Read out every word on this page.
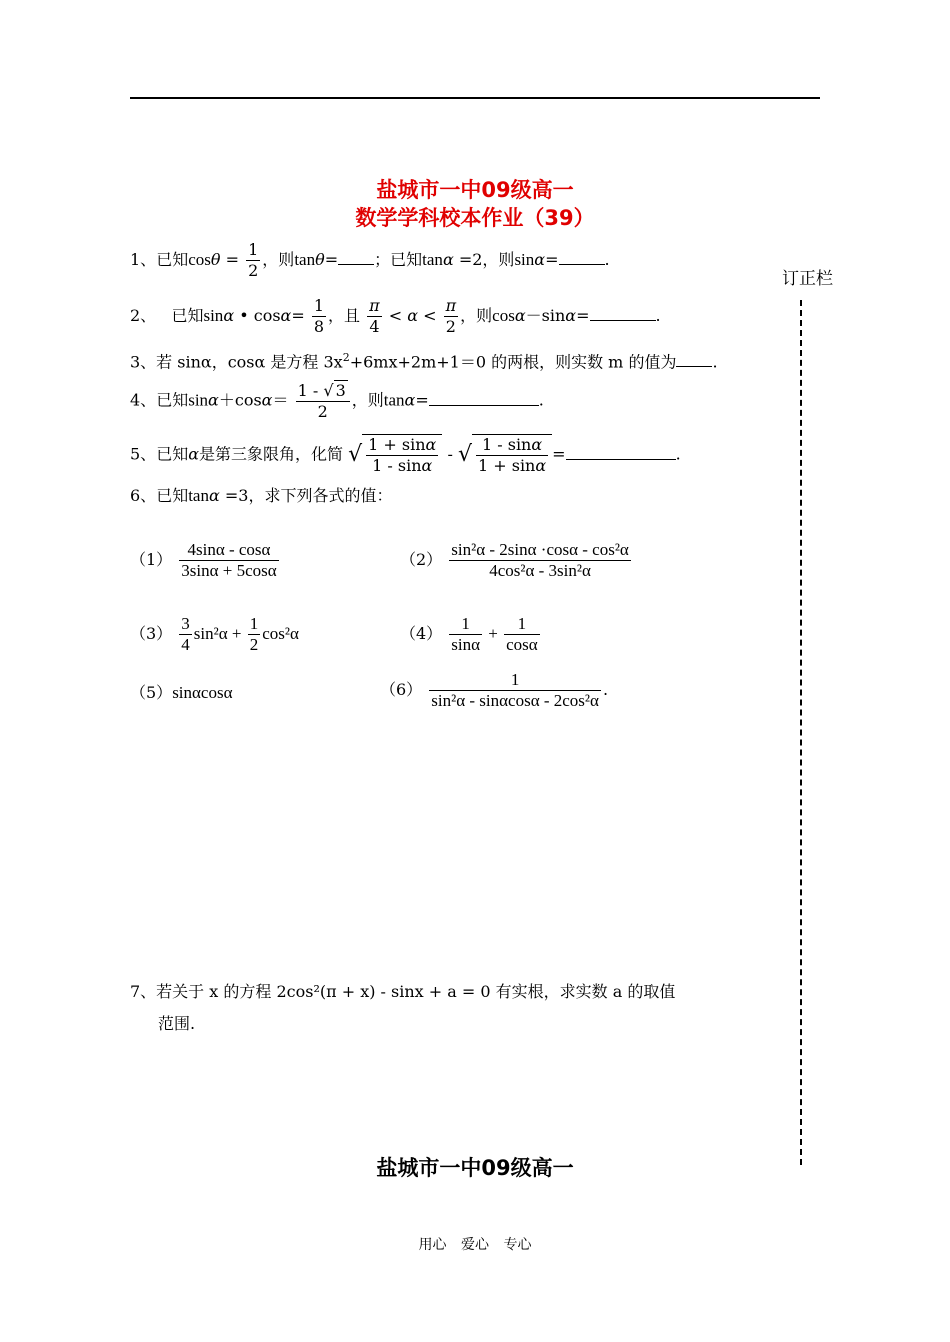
盐城市一中09级高一
数学学科校本作业（39）
订正栏
1、已知$\cos\theta = \frac{1}{2}$ ，则tanθ= ；已知tanα =2，则sinα=	.
2、 已知sinα • $\cos\alpha= \frac{1}{8}$ ，且 $\frac{\pi}{4} < \alpha < \frac{\pi}{2}$ ，则cosα－sinα=	.
3、若 sinα，cosα 是方程 $3x^2+6mx+2m+1=0$ 的两根，则实数 m 的值为 .
4、已知$\sin\alpha+\cos\alpha= \frac{1 - √ 3}{2}$ ，则tanα=	.
5、已知α是第三象限角，化简 √ $\frac{1 + \sin\alpha}{1 - \sin\alpha}$ - √ $\frac{1 - \sin\alpha}{1 + \sin\alpha}$ =	.
6、已知tanα =3，求下列各式的值：
$(1) \frac{4\sin\alpha - \cos\alpha}{3\sin\alpha + 5\cos\alpha}$	$(2) \frac{\text{sin²α - 2sinα ·cosα - cos²α}}{\text{4cos²α - 3sin²α}}$
$(3) \frac{3}{4} \sin^2\alpha + \frac{1}{2} \cos^2\alpha$	$(4) \frac{1}{\sin\alpha} + \frac{1}{\cos\alpha}$
（5）sinαcosα	$(6) \frac{1}{\text{sin²α - sinαcosα - 2cos²α}}$ .
7、若关于 x 的方程 2cos²(π + x) - sinx + a = 0 有实根，求实数 a 的取值
范围.
盐城市一中09级高一
用心 爱心 专心
